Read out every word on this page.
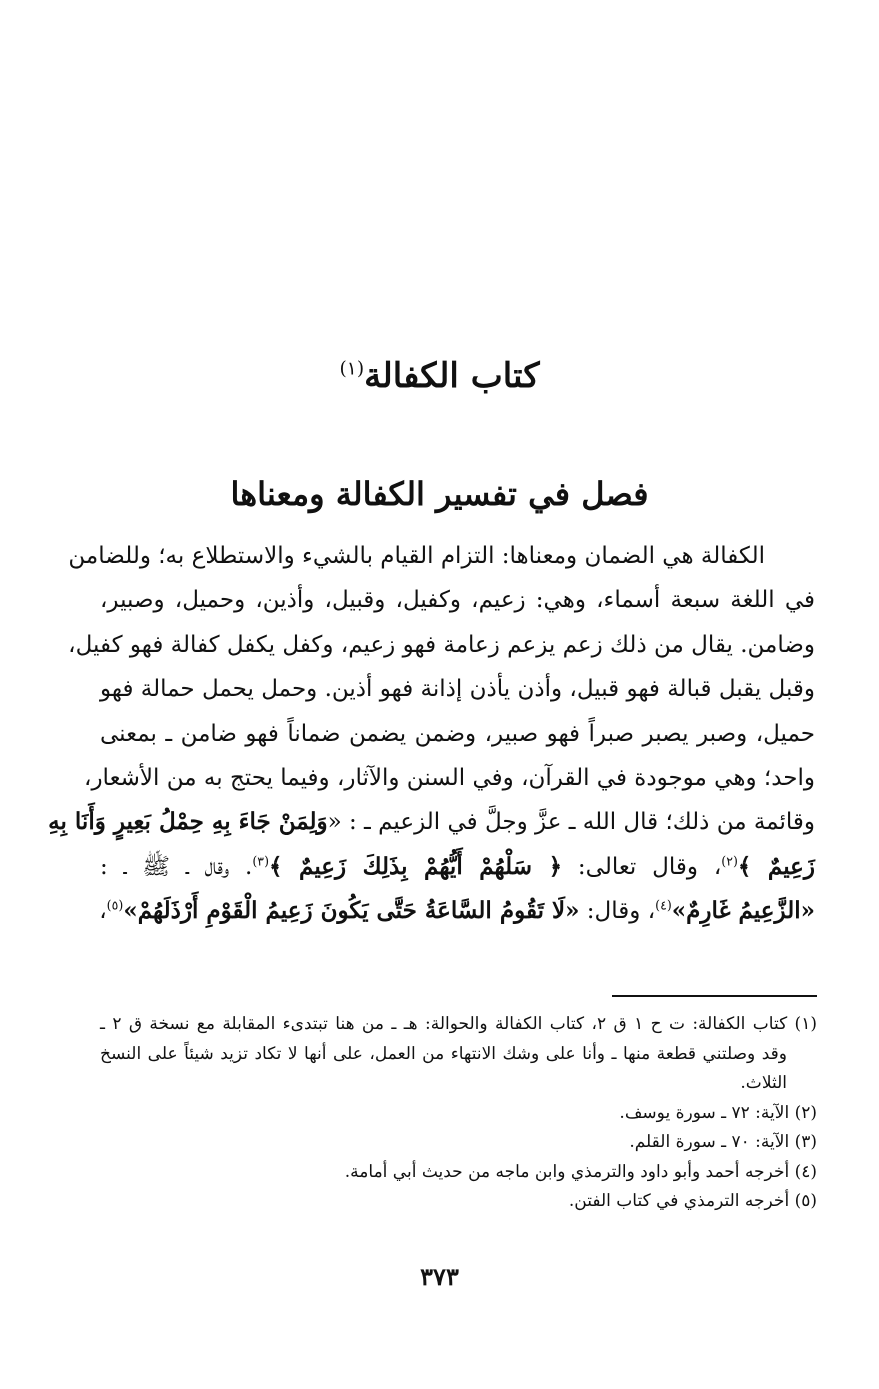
كتاب الكفالة$^{(١)}$
فصل في تفسير الكفالة ومعناها
الكفالة هي الضمان ومعناها: التزام القيام بالشيء والاستطلاع به؛ وللضامن
في اللغة سبعة أسماء، وهي: زعيم، وكفيل، وقبيل، وأذين، وحميل، وصبير،
وضامن. يقال من ذلك زعم يزعم زعامة فهو زعيم، وكفل يكفل كفالة فهو كفيل،
وقبل يقبل قبالة فهو قبيل، وأذن يأذن إذانة فهو أذين. وحمل يحمل حمالة فهو
حميل، وصبر يصبر صبراً فهو صبير، وضمن يضمن ضماناً فهو ضامن ـ بمعنى
واحد؛ وهي موجودة في القرآن، وفي السنن والآثار، وفيما يحتج به من الأشعار،
وقائمة من ذلك؛ قال الله ـ عزَّ وجلَّ في الزعيم ـ : «وَلِمَنْ جَاءَ بِهِ حِمْلُ بَعِيرٍ وَأَنَا بِهِ
زَعِيمٌ ﴾$^{(٢)}$، وقال تعالى: ﴿ سَلْهُمْ أَيُّهُمْ بِذَلِكَ زَعِيمٌ ﴾$^{(٣)}$. وقال ـ ﷺ ـ :
«الزَّعِيمُ غَارِمٌ»$^{(٤)}$، وقال: «لَا تَقُومُ السَّاعَةُ حَتَّى يَكُونَ زَعِيمُ الْقَوْمِ أَرْذَلَهُمْ»$^{(٥)}$،
(١) كتاب الكفالة: ت ح ١ ق ٢، كتاب الكفالة والحوالة: هـ ـ من هنا تبتدىء المقابلة مع نسخة ق ٢ ـ
وقد وصلتني قطعة منها ـ وأنا على وشك الانتهاء من العمل، على أنها لا تكاد تزيد شيئاً على النسخ
الثلاث.
(٢) الآية: ٧٢ ـ سورة يوسف.
(٣) الآية: ٧٠ ـ سورة القلم.
(٤) أخرجه أحمد وأبو داود والترمذي وابن ماجه من حديث أبي أمامة.
(٥) أخرجه الترمذي في كتاب الفتن.
٣٧٣
